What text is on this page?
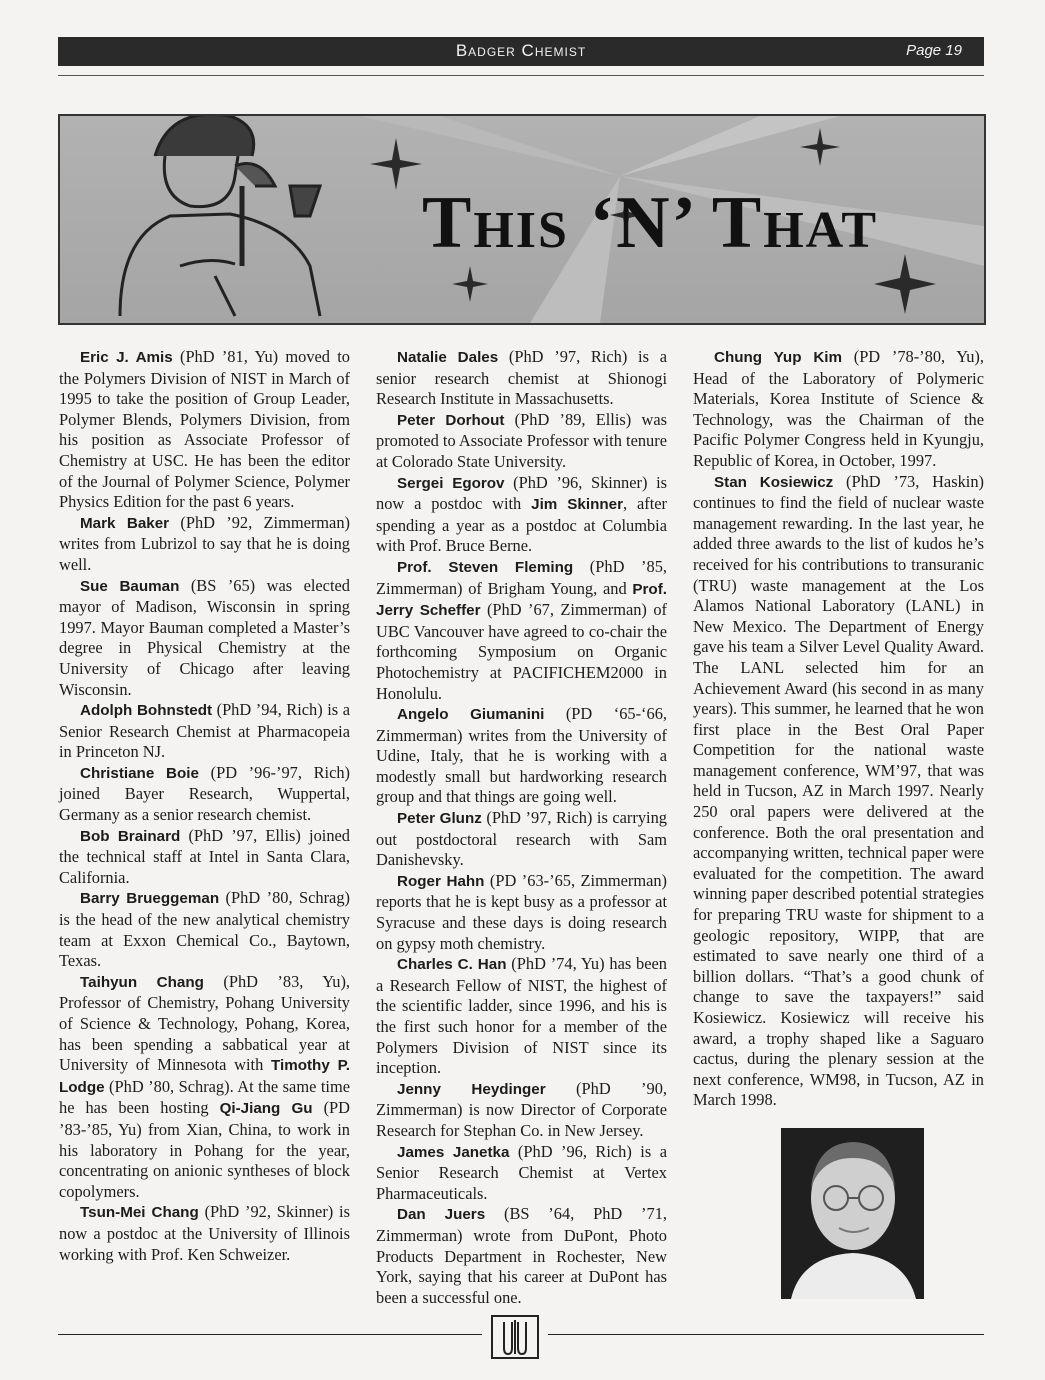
Badger Chemist	Page 19
This ‘N’ That

Eric J. Amis (PhD ’81, Yu) moved to the Polymers Division of NIST in March of 1995 to take the position of Group Leader, Polymer Blends, Polymers Division, from his position as Associate Professor of Chemistry at USC. He has been the editor of the Journal of Polymer Science, Polymer Physics Edition for the past 6 years.

Mark Baker (PhD ’92, Zimmerman) writes from Lubrizol to say that he is doing well.

Sue Bauman (BS ’65) was elected mayor of Madison, Wisconsin in spring 1997. Mayor Bauman completed a Master’s degree in Physical Chemistry at the University of Chicago after leaving Wisconsin.

Adolph Bohnstedt (PhD ’94, Rich) is a Senior Research Chemist at Pharmacopeia in Princeton NJ.

Christiane Boie (PD ’96-’97, Rich) joined Bayer Research, Wuppertal, Germany as a senior research chemist.

Bob Brainard (PhD ’97, Ellis) joined the technical staff at Intel in Santa Clara, California.

Barry Brueggeman (PhD ’80, Schrag) is the head of the new analytical chemistry team at Exxon Chemical Co., Baytown, Texas.

Taihyun Chang (PhD ’83, Yu), Professor of Chemistry, Pohang University of Science & Technology, Pohang, Korea, has been spending a sabbatical year at University of Minnesota with Timothy P. Lodge (PhD ’80, Schrag). At the same time he has been hosting Qi-Jiang Gu (PD ’83-’85, Yu) from Xian, China, to work in his laboratory in Pohang for the year, concentrating on anionic syntheses of block copolymers.

Tsun-Mei Chang (PhD ’92, Skinner) is now a postdoc at the University of Illinois working with Prof. Ken Schweizer.

Natalie Dales (PhD ’97, Rich) is a senior research chemist at Shionogi Research Institute in Massachusetts.

Peter Dorhout (PhD ’89, Ellis) was promoted to Associate Professor with tenure at Colorado State University.

Sergei Egorov (PhD ’96, Skinner) is now a postdoc with Jim Skinner, after spending a year as a postdoc at Columbia with Prof. Bruce Berne.

Prof. Steven Fleming (PhD ’85, Zimmerman) of Brigham Young, and Prof. Jerry Scheffer (PhD ’67, Zimmerman) of UBC Vancouver have agreed to co-chair the forthcoming Symposium on Organic Photochemistry at PACIFICHEM2000 in Honolulu.

Angelo Giumanini (PD ‘65-‘66, Zimmerman) writes from the University of Udine, Italy, that he is working with a modestly small but hardworking research group and that things are going well.

Peter Glunz (PhD ’97, Rich) is carrying out postdoctoral research with Sam Danishevsky.

Roger Hahn (PD ’63-’65, Zimmerman) reports that he is kept busy as a professor at Syracuse and these days is doing research on gypsy moth chemistry.

Charles C. Han (PhD ’74, Yu) has been a Research Fellow of NIST, the highest of the scientific ladder, since 1996, and his is the first such honor for a member of the Polymers Division of NIST since its inception.

Jenny Heydinger (PhD ’90, Zimmerman) is now Director of Corporate Research for Stephan Co. in New Jersey.

James Janetka (PhD ’96, Rich) is a Senior Research Chemist at Vertex Pharmaceuticals.

Dan Juers (BS ’64, PhD ’71, Zimmerman) wrote from DuPont, Photo Products Department in Rochester, New York, saying that his career at DuPont has been a successful one.

Chung Yup Kim (PD ’78-’80, Yu), Head of the Laboratory of Polymeric Materials, Korea Institute of Science & Technology, was the Chairman of the Pacific Polymer Congress held in Kyungju, Republic of Korea, in October, 1997.

Stan Kosiewicz (PhD ’73, Haskin) continues to find the field of nuclear waste management rewarding. In the last year, he added three awards to the list of kudos he’s received for his contributions to transuranic (TRU) waste management at the Los Alamos National Laboratory (LANL) in New Mexico. The Department of Energy gave his team a Silver Level Quality Award. The LANL selected him for an Achievement Award (his second in as many years). This summer, he learned that he won first place in the Best Oral Paper Competition for the national waste management conference, WM’97, that was held in Tucson, AZ in March 1997. Nearly 250 oral papers were delivered at the conference. Both the oral presentation and accompanying written, technical paper were evaluated for the competition. The award winning paper described potential strategies for preparing TRU waste for shipment to a geologic repository, WIPP, that are estimated to save nearly one third of a billion dollars. “That’s a good chunk of change to save the taxpayers!” said Kosiewicz. Kosiewicz will receive his award, a trophy shaped like a Saguaro cactus, during the plenary session at the next conference, WM98, in Tucson, AZ in March 1998.
